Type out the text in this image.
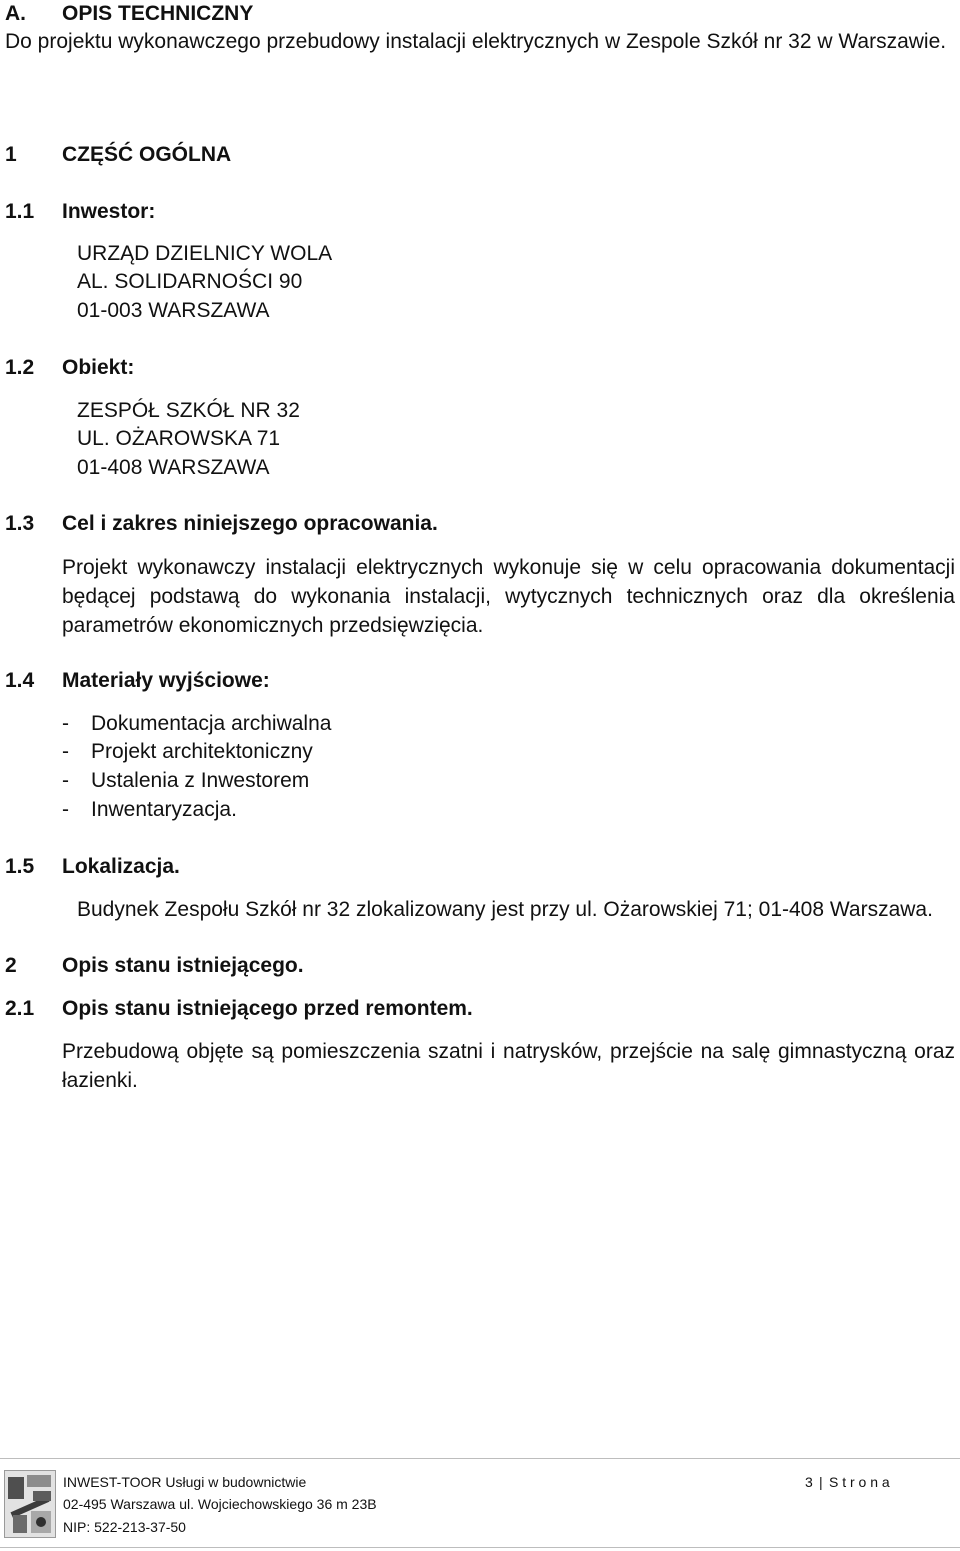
A. OPIS TECHNICZNY
Do projektu wykonawczego przebudowy instalacji elektrycznych w Zespole Szkół nr 32 w Warszawie.
1 CZĘŚĆ OGÓLNA
1.1 Inwestor:
URZĄD DZIELNICY WOLA
AL. SOLIDARNOŚCI 90
01-003 WARSZAWA
1.2 Obiekt:
ZESPÓŁ SZKÓŁ NR 32
UL. OŻAROWSKA 71
01-408 WARSZAWA
1.3 Cel i zakres niniejszego opracowania.
Projekt wykonawczy instalacji elektrycznych wykonuje się w celu opracowania dokumentacji będącej podstawą do wykonania instalacji, wytycznych technicznych oraz dla określenia parametrów ekonomicznych przedsięwzięcia.
1.4 Materiały wyjściowe:
- Dokumentacja archiwalna
- Projekt architektoniczny
- Ustalenia z Inwestorem
- Inwentaryzacja.
1.5 Lokalizacja.
Budynek Zespołu Szkół nr 32 zlokalizowany jest przy ul. Ożarowskiej 71; 01-408 Warszawa.
2 Opis stanu istniejącego.
2.1 Opis stanu istniejącego przed remontem.
Przebudową objęte są pomieszczenia szatni i natrysków, przejście na salę gimnastyczną oraz łazienki.
INWEST-TOOR Usługi w budownictwie
02-495 Warszawa ul. Wojciechowskiego 36 m 23B
NIP: 522-213-37-50
3 | S t r o n a
